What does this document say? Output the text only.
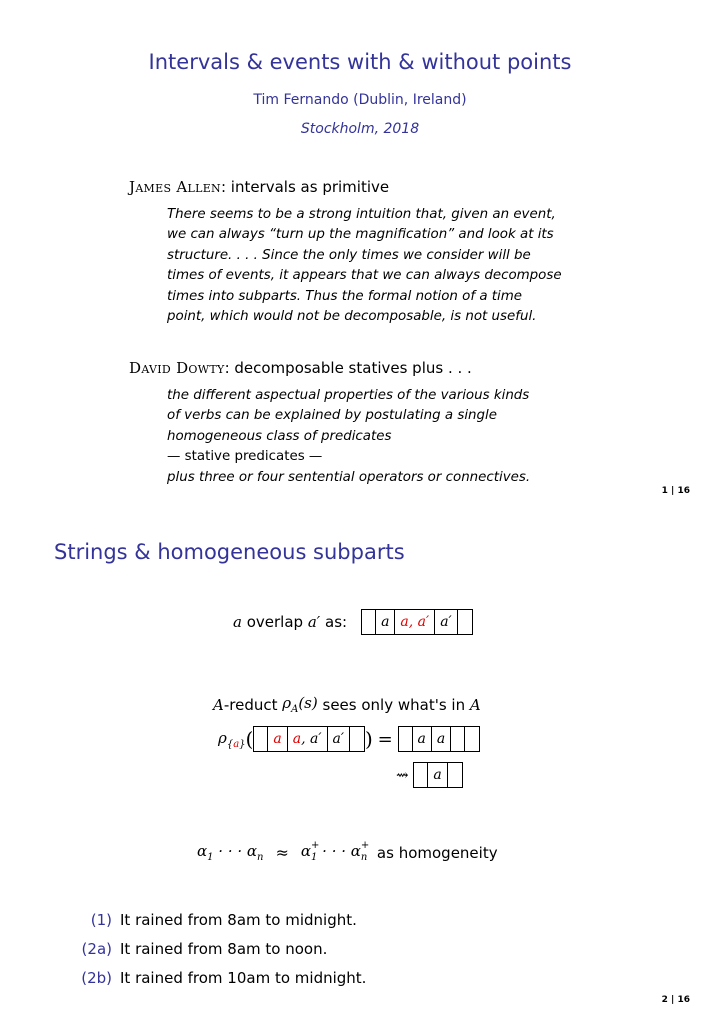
Intervals & events with & without points
Tim Fernando (Dublin, Ireland)
Stockholm, 2018
James Allen: intervals as primitive
There seems to be a strong intuition that, given an event,
we can always “turn up the magnification” and look at its
structure. . . . Since the only times we consider will be
times of events, it appears that we can always decompose
times into subparts. Thus the formal notion of a time
point, which would not be decomposable, is not useful.
David Dowty: decomposable statives plus . . .
the different aspectual properties of the various kinds
of verbs can be explained by postulating a single
homogeneous class of predicates
— stative predicates —
plus three or four sentential operators or connectives.
1 | 16
Strings & homogeneous subparts
a
overlap
a′
as:	a a, a′ a′
A -reduct
$\rho_A(s)$
sees only what's in
A
$\rho_{\{a\}}$ ( a a, a′ a′	)
=
	a a
⇝
	a
$\alpha_1$ · · · $\alpha_n \approx \alpha$ $_{+ 1}$ · · · α $_{+ n}$
as homogeneity
(1) It rained from 8am to midnight.
(2a) It rained from 8am to noon.
(2b) It rained from 10am to midnight.
2 | 16
